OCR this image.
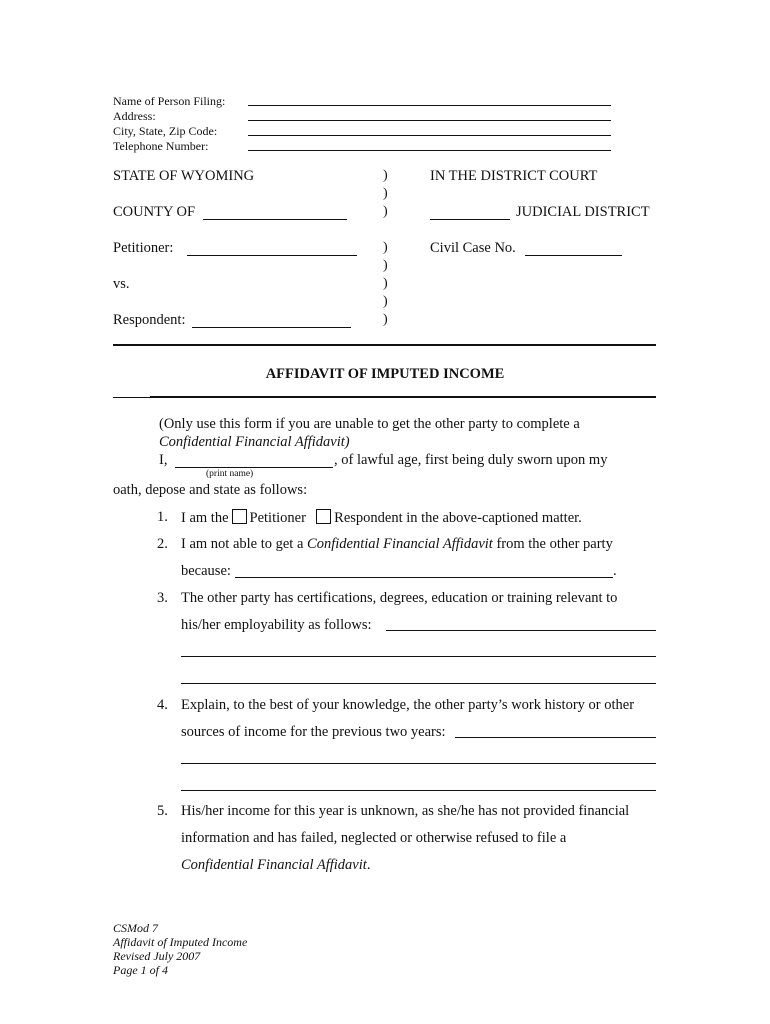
Name of Person Filing:
Address:
City, State, Zip Code:
Telephone Number:
STATE OF WYOMING
COUNTY OF
Petitioner:
vs.
Respondent:
)
)
)
)
)
)
)
)
IN THE DISTRICT COURT
JUDICIAL DISTRICT
Civil Case No.
AFFIDAVIT OF IMPUTED INCOME
(Only use this form if you are unable to get the other party to complete a
Confidential Financial Affidavit)
I,	, of lawful age, first being duly sworn upon my
(print name)
oath, depose and state as follows:
1. I am the Petitioner Respondent in the above-captioned matter.
2. I am not able to get a Confidential Financial Affidavit from the other party
because:	.
3. The other party has certifications, degrees, education or training relevant to
his/her employability as follows:
4. Explain, to the best of your knowledge, the other party’s work history or other
sources of income for the previous two years:
5. His/her income for this year is unknown, as she/he has not provided financial
information and has failed, neglected or otherwise refused to file a
Confidential Financial Affidavit.
CSMod 7
Affidavit of Imputed Income
Revised July 2007
Page 1 of 4
